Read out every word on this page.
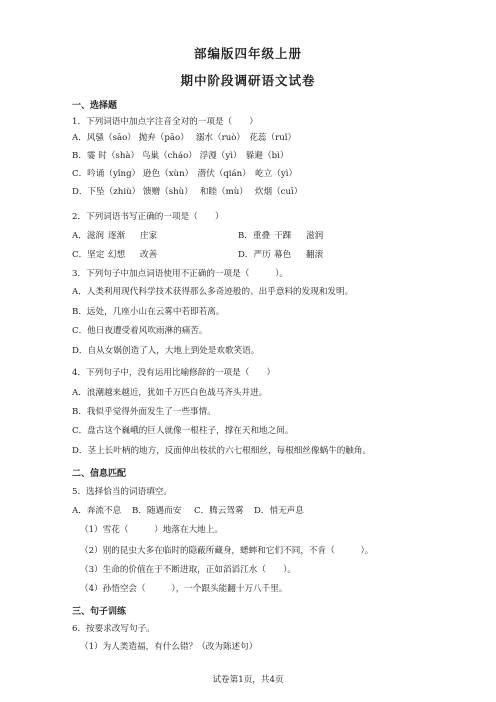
部编版四年级上册
期中阶段调研语文试卷
一、选择题
1．下列词语中加点字注音全对的一项是（　　）
A．风骚（sāo） 抛弃（pāo）　 溺水（ruò）　花蕊（ruǐ）
B．霎 时（shà） 鸟巢（cháo） 浮漫（yì）　躲避（bì）
C．吟诵（yǐng） 逊色（xùn）　潜伏（qián）　屹立（yì）
D．下坠（zhiù） 馈赠（shù）　 和睦（mù）　 炊烟（cuī）
2．下列词语书写正确的一项是（　　）
A．滋润 逐渐	庄家	B．重叠 干踝	滋润
C．坚定 幻想	改善	D．严历 幕色	翻滚
3．下列句子中加点词语使用不正确的一项是（　　　）。
A．人类利用现代科学技术获得那么多奇迹般的、出乎意料的发现和发明。
B．远处，几座小山在云雾中若即若离。
C．他日夜遭受着风吹雨淋的痛苦。
D．自从女娲创造了人，大地上到处是欢歌笑语。
4．下列句子中，没有运用比喻修辞的一项是（　　）
A．浪潮越来越近，犹如千万匹白色战马齐头并进。
B．我似乎觉得外面发生了一些事情。
C．盘古这个巍峨的巨人就像一根柱子，撑在天和地之间。
D．茎上长叶柄的地方，反面伸出枝状的六七根细丝，每根细丝像蜗牛的触角。
二、信息匹配
5．选择恰当的词语填空。
A．奔流不息	B．随遇而安	C．腾云驾雾	D．悄无声息
（1）雪花（　　　）地落在大地上。
（2）别的昆虫大多在临时的隐蔽所藏身，蟋蟀和它们不同，不肯（　　　）。
（3）生命的价值在于不断进取，正如滔滔江水（　　）。
（4）孙悟空会（　　　），一个跟头能翻十万八千里。
三、句子训练
6．按要求改写句子。
（1）为人类造福，有什么错？（改为陈述句）
试卷第1页，共4页
